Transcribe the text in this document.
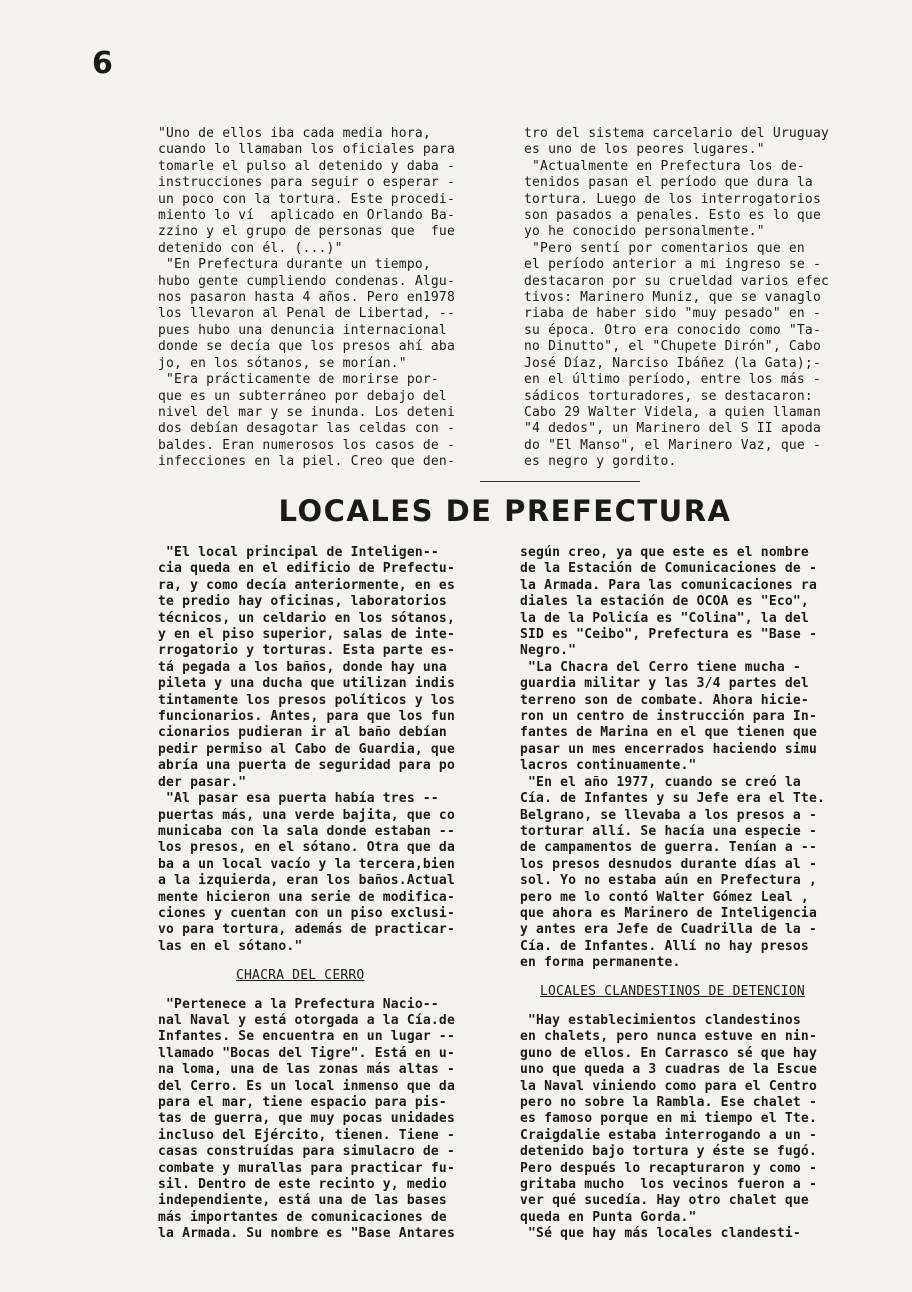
6
"Uno de ellos iba cada media hora,
cuando lo llamaban los oficiales para
tomarle el pulso al detenido y daba -
instrucciones para seguir o esperar -
un poco con la tortura. Este procedi-
miento lo ví  aplicado en Orlando Ba-
zzino y el grupo de personas que  fue
detenido con él. (...)"
"En Prefectura durante un tiempo,
hubo gente cumpliendo condenas. Algu-
nos pasaron hasta 4 años. Pero en1978
los llevaron al Penal de Libertad, --
pues hubo una denuncia internacional
donde se decía que los presos ahí aba
jo, en los sótanos, se morían."
"Era prácticamente de morirse por-
que es un subterráneo por debajo del
nivel del mar y se inunda. Los deteni
dos debían desagotar las celdas con -
baldes. Eran numerosos los casos de -
infecciones en la piel. Creo que den-
tro del sistema carcelario del Uruguay
es uno de los peores lugares."
"Actualmente en Prefectura los de-
tenidos pasan el período que dura la
tortura. Luego de los interrogatorios
son pasados a penales. Esto es lo que
yo he conocido personalmente."
"Pero sentí por comentarios que en
el período anterior a mi ingreso se -
destacaron por su crueldad varios efec
tivos: Marinero Muniz, que se vanaglo
riaba de haber sido "muy pesado" en -
su época. Otro era conocido como "Ta-
no Dinutto", el "Chupete Dirón", Cabo
José Díaz, Narciso Ibáñez (la Gata);-
en el último período, entre los más -
sádicos torturadores, se destacaron:
Cabo 29 Walter Videla, a quien llaman
"4 dedos", un Marinero del S II apoda
do "El Manso", el Marinero Vaz, que -
es negro y gordito.
LOCALES DE PREFECTURA

"El local principal de Inteligen--
cia queda en el edificio de Prefectu-
ra, y como decía anteriormente, en es
te predio hay oficinas, laboratorios
técnicos, un celdario en los sótanos,
y en el piso superior, salas de inte-
rrogatorio y torturas. Esta parte es-
tá pegada a los baños, donde hay una
pileta y una ducha que utilizan indis
tintamente los presos políticos y los
funcionarios. Antes, para que los fun
cionarios pudieran ir al baño debían
pedir permiso al Cabo de Guardia, que
abría una puerta de seguridad para po
der pasar."
"Al pasar esa puerta había tres --
puertas más, una verde bajita, que co
municaba con la sala donde estaban --
los presos, en el sótano. Otra que da
ba a un local vacío y la tercera,bien
a la izquierda, eran los baños.Actual
mente hicieron una serie de modifica-
ciones y cuentan con un piso exclusi-
vo para tortura, además de practicar-
las en el sótano."

CHACRA DEL CERRO

"Pertenece a la Prefectura Nacio--
nal Naval y está otorgada a la Cía.de
Infantes. Se encuentra en un lugar --
llamado "Bocas del Tigre". Está en u-
na loma, una de las zonas más altas -
del Cerro. Es un local inmenso que da
para el mar, tiene espacio para pis-
tas de guerra, que muy pocas unidades
incluso del Ejército, tienen. Tiene -
casas construídas para simulacro de -
combate y murallas para practicar fu-
sil. Dentro de este recinto y, medio
independiente, está una de las bases
más importantes de comunicaciones de
la Armada. Su nombre es "Base Antares

según creo, ya que este es el nombre
de la Estación de Comunicaciones de -
la Armada. Para las comunicaciones ra
diales la estación de OCOA es "Eco",
la de la Policía es "Colina", la del
SID es "Ceibo", Prefectura es "Base -
Negro."
"La Chacra del Cerro tiene mucha -
guardia militar y las 3/4 partes del
terreno son de combate. Ahora hicie-
ron un centro de instrucción para In-
fantes de Marina en el que tienen que
pasar un mes encerrados haciendo simu
lacros continuamente."
"En el año 1977, cuando se creó la
Cía. de Infantes y su Jefe era el Tte.
Belgrano, se llevaba a los presos a -
torturar allí. Se hacía una especie -
de campamentos de guerra. Tenían a --
los presos desnudos durante días al -
sol. Yo no estaba aún en Prefectura ,
pero me lo contó Walter Gómez Leal ,
que ahora es Marinero de Inteligencia
y antes era Jefe de Cuadrilla de la -
Cía. de Infantes. Allí no hay presos
en forma permanente.

LOCALES CLANDESTINOS DE DETENCION

"Hay establecimientos clandestinos
en chalets, pero nunca estuve en nin-
guno de ellos. En Carrasco sé que hay
uno que queda a 3 cuadras de la Escue
la Naval viniendo como para el Centro
pero no sobre la Rambla. Ese chalet -
es famoso porque en mi tiempo el Tte.
Craigdalie estaba interrogando a un -
detenido bajo tortura y éste se fugó.
Pero después lo recapturaron y como -
gritaba mucho  los vecinos fueron a -
ver qué sucedía. Hay otro chalet que
queda en Punta Gorda."
"Sé que hay más locales clandesti-
